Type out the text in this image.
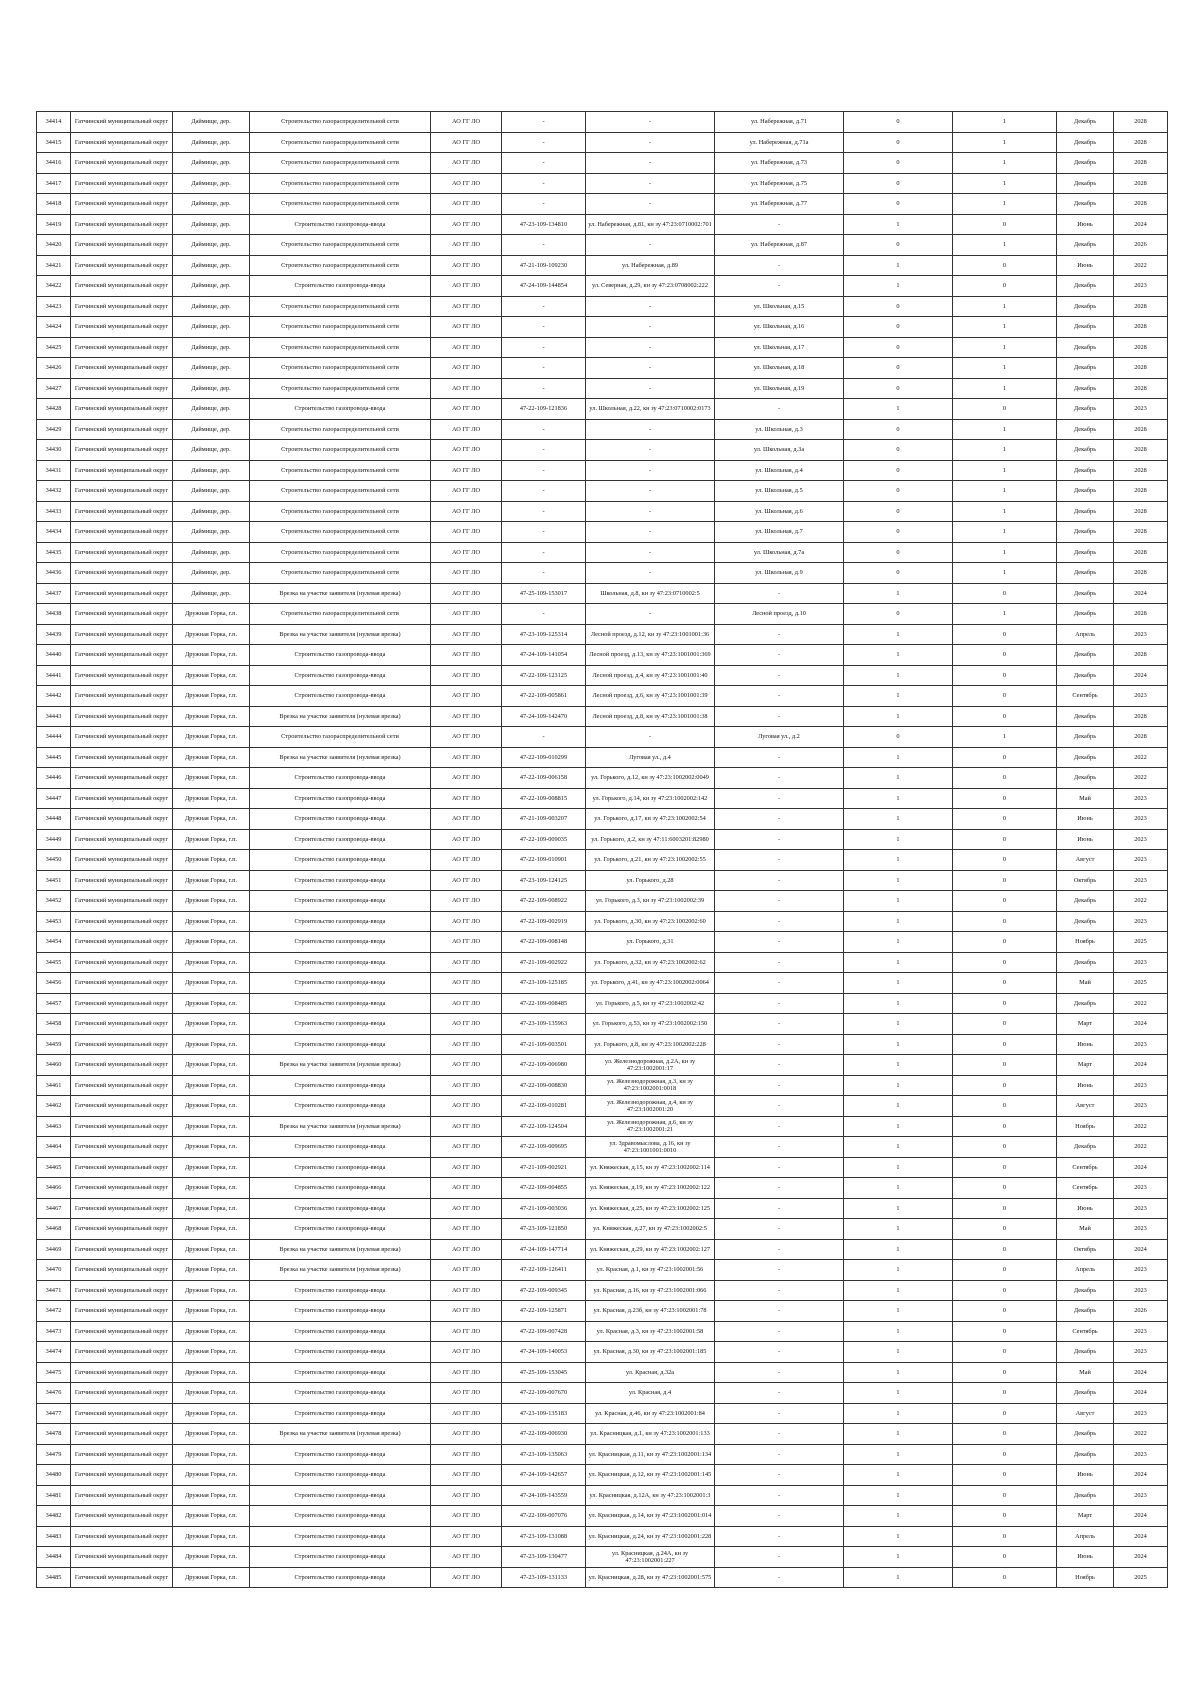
34414	Гатчинский муниципальный округ	Даймище, дер.	Строительство газораспределительной сети	АО ГГ ЛО	-	-	ул. Набережная, д.71	0	1	Декабрь	2028
34415	Гатчинский муниципальный округ	Даймище, дер.	Строительство газораспределительной сети	АО ГГ ЛО	-	-	ул. Набережная, д.71а	0	1	Декабрь	2028
34416	Гатчинский муниципальный округ	Даймище, дер.	Строительство газораспределительной сети	АО ГГ ЛО	-	-	ул. Набережная, д.73	0	1	Декабрь	2028
34417	Гатчинский муниципальный округ	Даймище, дер.	Строительство газораспределительной сети	АО ГГ ЛО	-	-	ул. Набережная, д.75	0	1	Декабрь	2028
34418	Гатчинский муниципальный округ	Даймище, дер.	Строительство газораспределительной сети	АО ГГ ЛО	-	-	ул. Набережная, д.77	0	1	Декабрь	2028
34419	Гатчинский муниципальный округ	Даймище, дер.	Строительство газопровода-ввода	АО ГГ ЛО	47-23-109-134810	ул. Набережная, д.81, кн зу 47:23:0710002:701	-	1	0	Июнь	2024
34420	Гатчинский муниципальный округ	Даймище, дер.	Строительство газораспределительной сети	АО ГГ ЛО	-	-	ул. Набережная, д.87	0	1	Декабрь	2026
34421	Гатчинский муниципальный округ	Даймище, дер.	Строительство газораспределительной сети	АО ГГ ЛО	47-21-109-109230	ул. Набережная, д.89	-	1	0	Июнь	2022
34422	Гатчинский муниципальный округ	Даймище, дер.	Строительство газопровода-ввода	АО ГГ ЛО	47-24-109-144854	ул. Северная, д.29, кн зу 47:23:0708002:222	-	1	0	Декабрь	2023
34423	Гатчинский муниципальный округ	Даймище, дер.	Строительство газораспределительной сети	АО ГГ ЛО	-	-	ул. Школьная, д.15	0	1	Декабрь	2028
34424	Гатчинский муниципальный округ	Даймище, дер.	Строительство газораспределительной сети	АО ГГ ЛО	-	-	ул. Школьная, д.16	0	1	Декабрь	2028
34425	Гатчинский муниципальный округ	Даймище, дер.	Строительство газораспределительной сети	АО ГГ ЛО	-	-	ул. Школьная, д.17	0	1	Декабрь	2028
34426	Гатчинский муниципальный округ	Даймище, дер.	Строительство газораспределительной сети	АО ГГ ЛО	-	-	ул. Школьная, д.18	0	1	Декабрь	2028
34427	Гатчинский муниципальный округ	Даймище, дер.	Строительство газораспределительной сети	АО ГГ ЛО	-	-	ул. Школьная, д.19	0	1	Декабрь	2028
34428	Гатчинский муниципальный округ	Даймище, дер.	Строительство газопровода-ввода	АО ГГ ЛО	47-22-109-121836	ул. Школьная, д.22, кн зу 47:23:0710002:0173	-	1	0	Декабрь	2023
34429	Гатчинский муниципальный округ	Даймище, дер.	Строительство газораспределительной сети	АО ГГ ЛО	-	-	ул. Школьная, д.3	0	1	Декабрь	2028
34430	Гатчинский муниципальный округ	Даймище, дер.	Строительство газораспределительной сети	АО ГГ ЛО	-	-	ул. Школьная, д.3а	0	1	Декабрь	2028
34431	Гатчинский муниципальный округ	Даймище, дер.	Строительство газораспределительной сети	АО ГГ ЛО	-	-	ул. Школьная, д.4	0	1	Декабрь	2028
34432	Гатчинский муниципальный округ	Даймище, дер.	Строительство газораспределительной сети	АО ГГ ЛО	-	-	ул. Школьная, д.5	0	1	Декабрь	2028
34433	Гатчинский муниципальный округ	Даймище, дер.	Строительство газораспределительной сети	АО ГГ ЛО	-	-	ул. Школьная, д.6	0	1	Декабрь	2028
34434	Гатчинский муниципальный округ	Даймище, дер.	Строительство газораспределительной сети	АО ГГ ЛО	-	-	ул. Школьная, д.7	0	1	Декабрь	2028
34435	Гатчинский муниципальный округ	Даймище, дер.	Строительство газораспределительной сети	АО ГГ ЛО	-	-	ул. Школьная, д.7а	0	1	Декабрь	2028
34436	Гатчинский муниципальный округ	Даймище, дер.	Строительство газораспределительной сети	АО ГГ ЛО	-	-	ул. Школьная, д.9	0	1	Декабрь	2028
34437	Гатчинский муниципальный округ	Даймище, дер.	Врезка на участке заявителя (нулевая врезка)	АО ГГ ЛО	47-25-109-153017	Школьная, д.8, кн зу 47:23:0710002:5	-	1	0	Декабрь	2024
34438	Гатчинский муниципальный округ	Дружная Горка, г.п.	Строительство газораспределительной сети	АО ГГ ЛО	-	-	Лесной проезд, д.10	0	1	Декабрь	2028
34439	Гатчинский муниципальный округ	Дружная Горка, г.п.	Врезка на участке заявителя (нулевая врезка)	АО ГГ ЛО	47-23-109-125314	Лесной проезд, д.12, кн зу 47:23:1001001:36	-	1	0	Апрель	2023
34440	Гатчинский муниципальный округ	Дружная Горка, г.п.	Строительство газопровода-ввода	АО ГГ ЛО	47-24-109-141054	Лесной проезд, д.13, кн зу 47:23:1001001:369	-	1	0	Декабрь	2028
34441	Гатчинский муниципальный округ	Дружная Горка, г.п.	Строительство газопровода-ввода	АО ГГ ЛО	47-22-109-123125	Лесной проезд, д.4, кн зу 47:23:1001001:40	-	1	0	Декабрь	2024
34442	Гатчинский муниципальный округ	Дружная Горка, г.п.	Строительство газопровода-ввода	АО ГГ ЛО	47-22-109-005861	Лесной проезд, д.6, кн зу 47:23:1001001:39	-	1	0	Сентябрь	2023
34443	Гатчинский муниципальный округ	Дружная Горка, г.п.	Врезка на участке заявителя (нулевая врезка)	АО ГГ ЛО	47-24-109-142470	Лесной проезд, д.8, кн зу 47:23:1001001:38	-	1	0	Декабрь	2028
34444	Гатчинский муниципальный округ	Дружная Горка, г.п.	Строительство газораспределительной сети	АО ГГ ЛО	-	-	Луговая ул., д.2	0	1	Декабрь	2028
34445	Гатчинский муниципальный округ	Дружная Горка, г.п.	Врезка на участке заявителя (нулевая врезка)	АО ГГ ЛО	47-22-109-010299	Луговая ул., д.4	-	1	0	Декабрь	2022
34446	Гатчинский муниципальный округ	Дружная Горка, г.п.	Строительство газопровода-ввода	АО ГГ ЛО	47-22-109-006158	ул. Горького, д.12, кн зу 47:23:1002002:0049	-	1	0	Декабрь	2022
34447	Гатчинский муниципальный округ	Дружная Горка, г.п.	Строительство газопровода-ввода	АО ГГ ЛО	47-22-109-008815	ул. Горького, д.14, кн зу 47:23:1002002:142	-	1	0	Май	2023
34448	Гатчинский муниципальный округ	Дружная Горка, г.п.	Строительство газопровода-ввода	АО ГГ ЛО	47-21-109-003207	ул. Горького, д.17, кн зу 47:23:1002002:54	-	1	0	Июнь	2023
34449	Гатчинский муниципальный округ	Дружная Горка, г.п.	Строительство газопровода-ввода	АО ГГ ЛО	47-22-109-009035	ул. Горького, д.2, кн зу 47:11:6003201:82980	-	1	0	Июнь	2023
34450	Гатчинский муниципальный округ	Дружная Горка, г.п.	Строительство газопровода-ввода	АО ГГ ЛО	47-22-109-010901	ул. Горького, д.21, кн зу 47:23:1002002:55	-	1	0	Август	2023
34451	Гатчинский муниципальный округ	Дружная Горка, г.п.	Строительство газопровода-ввода	АО ГГ ЛО	47-23-109-124125	ул. Горького, д.28	-	1	0	Октябрь	2023
34452	Гатчинский муниципальный округ	Дружная Горка, г.п.	Строительство газопровода-ввода	АО ГГ ЛО	47-22-109-008922	ул. Горького, д.3, кн зу 47:23:1002002:39	-	1	0	Декабрь	2022
34453	Гатчинский муниципальный округ	Дружная Горка, г.п.	Строительство газопровода-ввода	АО ГГ ЛО	47-22-109-002919	ул. Горького, д.30, кн зу 47:23:1002002:60	-	1	0	Декабрь	2023
34454	Гатчинский муниципальный округ	Дружная Горка, г.п.	Строительство газопровода-ввода	АО ГГ ЛО	47-22-109-008148	ул. Горького, д.31	-	1	0	Ноябрь	2025
34455	Гатчинский муниципальный округ	Дружная Горка, г.п.	Строительство газопровода-ввода	АО ГГ ЛО	47-21-109-002922	ул. Горького, д.32, кн зу 47:23:1002002:62	-	1	0	Декабрь	2023
34456	Гатчинский муниципальный округ	Дружная Горка, г.п.	Строительство газопровода-ввода	АО ГГ ЛО	47-23-109-125185	ул. Горького, д.41, кн зу 47:23:1002002:0064	-	1	0	Май	2025
34457	Гатчинский муниципальный округ	Дружная Горка, г.п.	Строительство газопровода-ввода	АО ГГ ЛО	47-22-109-008485	ул. Горького, д.5, кн зу 47:23:1002002:42	-	1	0	Декабрь	2022
34458	Гатчинский муниципальный округ	Дружная Горка, г.п.	Строительство газопровода-ввода	АО ГГ ЛО	47-23-109-135963	ул. Горького, д.53, кн зу 47:23:1002002:150	-	1	0	Март	2024
34459	Гатчинский муниципальный округ	Дружная Горка, г.п.	Строительство газопровода-ввода	АО ГГ ЛО	47-21-109-003501	ул. Горького, д.8, кн зу 47:23:1002002:228	-	1	0	Июнь	2023
34460	Гатчинский муниципальный округ	Дружная Горка, г.п.	Врезка на участке заявителя (нулевая врезка)	АО ГГ ЛО	47-22-109-006980	ул. Железнодорожная, д.2А, кн зу 47:23:1002001:17	-	1	0	Март	2024
34461	Гатчинский муниципальный округ	Дружная Горка, г.п.	Строительство газопровода-ввода	АО ГГ ЛО	47-22-109-008830	ул. Железнодорожная, д.3, кн зу 47:23:1002001:0018	-	1	0	Июнь	2023
34462	Гатчинский муниципальный округ	Дружная Горка, г.п.	Строительство газопровода-ввода	АО ГГ ЛО	47-22-109-010281	ул. Железнодорожная, д.4, кн зу 47:23:1002001:20	-	1	0	Август	2023
34463	Гатчинский муниципальный округ	Дружная Горка, г.п.	Врезка на участке заявителя (нулевая врезка)	АО ГГ ЛО	47-22-109-124504	ул. Железнодорожная, д.6, кн зу 47:23:1002001:21	-	1	0	Ноябрь	2022
34464	Гатчинский муниципальный округ	Дружная Горка, г.п.	Строительство газопровода-ввода	АО ГГ ЛО	47-22-109-009695	ул. Здравомыслова, д.16, кн зу 47:23:1001001:0010	-	1	0	Декабрь	2022
34465	Гатчинский муниципальный округ	Дружная Горка, г.п.	Строительство газопровода-ввода	АО ГГ ЛО	47-21-109-002921	ул. Княжеская, д.15, кн зу 47:23:1002002:114	-	1	0	Сентябрь	2024
34466	Гатчинский муниципальный округ	Дружная Горка, г.п.	Строительство газопровода-ввода	АО ГГ ЛО	47-22-109-004855	ул. Княжеская, д.19, кн зу 47:23:1002002:122	-	1	0	Сентябрь	2023
34467	Гатчинский муниципальный округ	Дружная Горка, г.п.	Строительство газопровода-ввода	АО ГГ ЛО	47-21-109-003036	ул. Княжеская, д.25, кн зу 47:23:1002002:125	-	1	0	Июнь	2023
34468	Гатчинский муниципальный округ	Дружная Горка, г.п.	Строительство газопровода-ввода	АО ГГ ЛО	47-23-109-121850	ул. Княжеская, д.27, кн зу 47:23:1002002:5	-	1	0	Май	2023
34469	Гатчинский муниципальный округ	Дружная Горка, г.п.	Врезка на участке заявителя (нулевая врезка)	АО ГГ ЛО	47-24-109-147714	ул. Княжеская, д.29, кн зу 47:23:1002002:127	-	1	0	Октябрь	2024
34470	Гатчинский муниципальный округ	Дружная Горка, г.п.	Врезка на участке заявителя (нулевая врезка)	АО ГГ ЛО	47-22-109-126411	ул. Красная, д.1, кн зу 47:23:1002001:56	-	1	0	Апрель	2023
34471	Гатчинский муниципальный округ	Дружная Горка, г.п.	Строительство газопровода-ввода	АО ГГ ЛО	47-22-109-009345	ул. Красная, д.16, кн зу 47:23:1002001:066	-	1	0	Декабрь	2023
34472	Гатчинский муниципальный округ	Дружная Горка, г.п.	Строительство газопровода-ввода	АО ГГ ЛО	47-22-109-125871	ул. Красная, д.23б, кн зу 47:23:1002001:78	-	1	0	Декабрь	2026
34473	Гатчинский муниципальный округ	Дружная Горка, г.п.	Строительство газопровода-ввода	АО ГГ ЛО	47-22-109-007428	ул. Красная, д.3, кн зу 47:23:1002001:58	-	1	0	Сентябрь	2023
34474	Гатчинский муниципальный округ	Дружная Горка, г.п.	Строительство газопровода-ввода	АО ГГ ЛО	47-24-109-140053	ул. Красная, д.30, кн зу 47:23:1002001:185	-	1	0	Декабрь	2023
34475	Гатчинский муниципальный округ	Дружная Горка, г.п.	Строительство газопровода-ввода	АО ГГ ЛО	47-25-109-153045	ул. Красная, д.32а	-	1	0	Май	2024
34476	Гатчинский муниципальный округ	Дружная Горка, г.п.	Строительство газопровода-ввода	АО ГГ ЛО	47-22-109-007670	ул. Красная, д.4	-	1	0	Декабрь	2024
34477	Гатчинский муниципальный округ	Дружная Горка, г.п.	Строительство газопровода-ввода	АО ГГ ЛО	47-23-109-135183	ул. Красная, д.46, кн зу 47:23:1002001:84	-	1	0	Август	2023
34478	Гатчинский муниципальный округ	Дружная Горка, г.п.	Врезка на участке заявителя (нулевая врезка)	АО ГГ ЛО	47-22-109-006930	ул. Красницкая, д.1, кн зу 47:23:1002001:133	-	1	0	Декабрь	2022
34479	Гатчинский муниципальный округ	Дружная Горка, г.п.	Строительство газопровода-ввода	АО ГГ ЛО	47-23-109-135063	ул. Красницкая, д.11, кн зу 47:23:1002001:134	-	1	0	Декабрь	2023
34480	Гатчинский муниципальный округ	Дружная Горка, г.п.	Строительство газопровода-ввода	АО ГГ ЛО	47-24-109-142657	ул. Красницкая, д.12, кн зу 47:23:1002001:145	-	1	0	Июнь	2024
34481	Гатчинский муниципальный округ	Дружная Горка, г.п.	Строительство газопровода-ввода	АО ГГ ЛО	47-24-109-143559	ул. Красницкая, д.12А, кн зу 47:23:1002001:3	-	1	0	Декабрь	2023
34482	Гатчинский муниципальный округ	Дружная Горка, г.п.	Строительство газопровода-ввода	АО ГГ ЛО	47-22-109-007076	ул. Красницкая, д.14, кн зу 47:23:1002001:014	-	1	0	Март	2024
34483	Гатчинский муниципальный округ	Дружная Горка, г.п.	Строительство газопровода-ввода	АО ГГ ЛО	47-23-109-131088	ул. Красницкая, д.24, кн зу 47:23:1002001:228	-	1	0	Апрель	2024
34484	Гатчинский муниципальный округ	Дружная Горка, г.п.	Строительство газопровода-ввода	АО ГГ ЛО	47-23-109-130477	ул. Красницкая, д.24А, кн зу 47:23:1002001:227	-	1	0	Июнь	2024
34485	Гатчинский муниципальный округ	Дружная Горка, г.п.	Строительство газопровода-ввода	АО ГГ ЛО	47-23-109-131133	ул. Красницкая, д.28, кн зу 47:23:1002001:575	-	1	0	Ноябрь	2025
